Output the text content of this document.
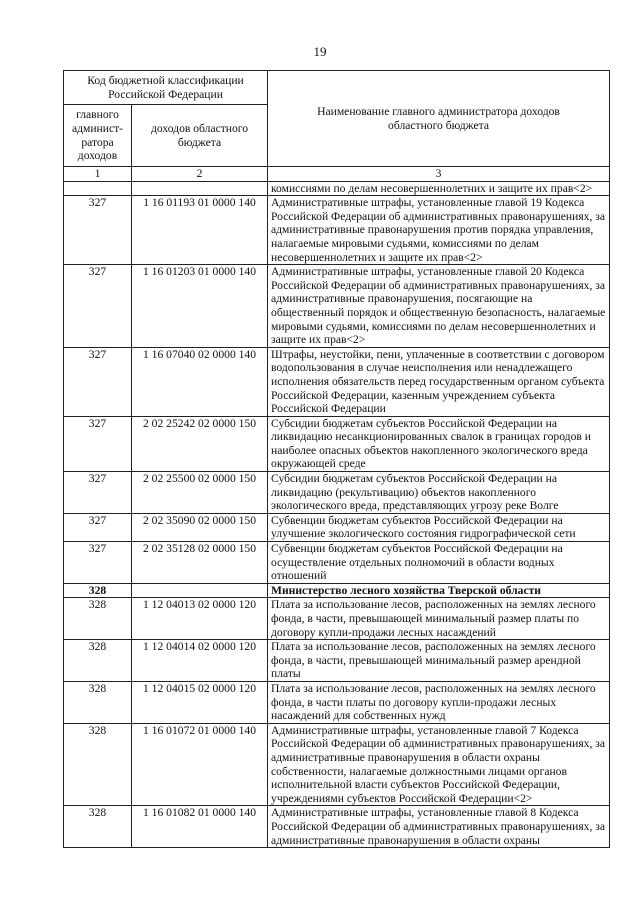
19
Код бюджетной классификации Российской Федерации		Наименование главного администратора доходов областного бюджета
главного админист-ратора доходов	доходов областного бюджета	
1	2	3
		комиссиями по делам несовершеннолетних и защите их прав<2>
327	1 16 01193 01 0000 140	Административные штрафы, установленные главой 19 Кодекса Российской Федерации об административных правонарушениях, за административные правонарушения против порядка управления, налагаемые мировыми судьями, комиссиями по делам несовершеннолетних и защите их прав<2>
327	1 16 01203 01 0000 140	Административные штрафы, установленные главой 20 Кодекса Российской Федерации об административных правонарушениях, за административные правонарушения, посягающие на общественный порядок и общественную безопасность, налагаемые мировыми судьями, комиссиями по делам несовершеннолетних и защите их прав<2>
327	1 16 07040 02 0000 140	Штрафы, неустойки, пени, уплаченные в соответствии с договором водопользования в случае неисполнения или ненадлежащего исполнения обязательств перед государственным органом субъекта Российской Федерации, казенным учреждением субъекта Российской Федерации
327	2 02 25242 02 0000 150	Субсидии бюджетам субъектов Российской Федерации на ликвидацию несанкционированных свалок в границах городов и наиболее опасных объектов накопленного экологического вреда окружающей среде
327	2 02 25500 02 0000 150	Субсидии бюджетам субъектов Российской Федерации на ликвидацию (рекультивацию) объектов накопленного экологического вреда, представляющих угрозу реке Волге
327	2 02 35090 02 0000 150	Субвенции бюджетам субъектов Российской Федерации на улучшение экологического состояния гидрографической сети
327	2 02 35128 02 0000 150	Субвенции бюджетам субъектов Российской Федерации на осуществление отдельных полномочий в области водных отношений
328		Министерство лесного хозяйства Тверской области
328	1 12 04013 02 0000 120	Плата за использование лесов, расположенных на землях лесного фонда, в части, превышающей минимальный размер платы по договору купли-продажи лесных насаждений
328	1 12 04014 02 0000 120	Плата за использование лесов, расположенных на землях лесного фонда, в части, превышающей минимальный размер арендной платы
328	1 12 04015 02 0000 120	Плата за использование лесов, расположенных на землях лесного фонда, в части платы по договору купли-продажи лесных насаждений для собственных нужд
328	1 16 01072 01 0000 140	Административные штрафы, установленные главой 7 Кодекса Российской Федерации об административных правонарушениях, за административные правонарушения в области охраны собственности, налагаемые должностными лицами органов исполнительной власти субъектов Российской Федерации, учреждениями субъектов Российской Федерации<2>
328	1 16 01082 01 0000 140	Административные штрафы, установленные главой 8 Кодекса Российской Федерации об административных правонарушениях, за административные правонарушения в области охраны
